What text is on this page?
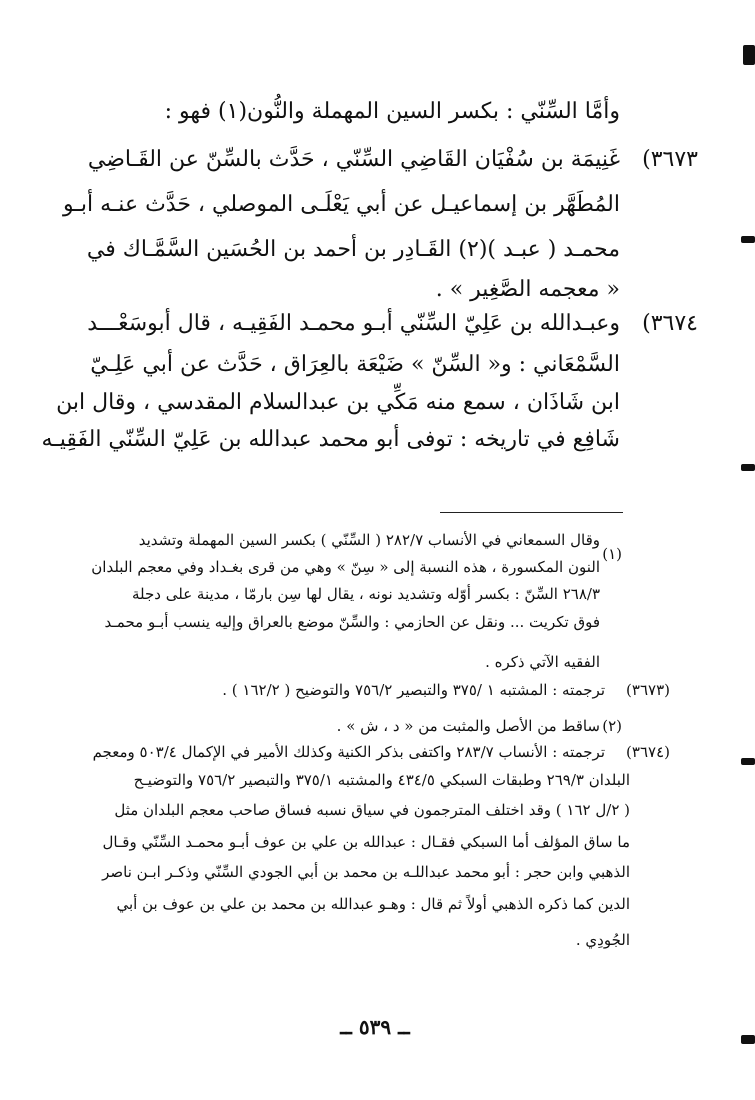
وأمَّا السِّنّي : بكسر السين المهملة والنُّون(١) فهو :
(٣٦٧٣
غَنِيمَة بن سُفْيَان القَاضِي السِّنّي ، حَدَّث بالسِّنّ عن القَـاضِي
المُطَهَّر بن إسماعيـل عن أبي يَعْلَـى الموصلي ، حَدَّث عنـه أبـو
محمـد ( عبـد )(٢) القَـادِر بن أحمد بن الحُسَين السَّمَّـاك في
« معجمه الصَّغِير » .
(٣٦٧٤
وعبـدالله بن عَلِيّ السِّنّي أبـو محمـد الفَقِيـه ، قال أبوسَعْـــد
السَّمْعَاني : و« السِّنّ » ضَيْعَة بالعِرَاق ، حَدَّث عن أبي عَلِـيّ
ابن شَاذَان ، سمع منه مَكِّي بن عبدالسلام المقدسي ، وقال ابن
شَافِع في تاريخه : توفى أبو محمد عبدالله بن عَلِيّ السِّنّي الفَقِيـه
(١)
وقال السمعاني في الأنساب ٢٨٢/٧ ( السِّنّي ) بكسر السين المهملة وتشديد
النون المكسورة ، هذه النسبة إلى « سِنّ » وهي من قرى بغـداد وفي معجم البلدان
٢٦٨/٣ السِّنّ : بكسر أوّله وتشديد نونه ، يقال لها سِن بارمّا ، مدينة على دجلة
فوق تكريت ... ونقل عن الحازمي : والسِّنّ موضع بالعراق وإليه ينسب أبـو محمـد
الفقيه الآتي ذكره .
(٣٦٧٣)
ترجمته : المشتبه ١ /٣٧٥ والتبصير ٧٥٦/٢ والتوضيح ( ١٦٢/٢ ) .
(٢)
ساقط من الأصل والمثبت من « د ، ش » .
(٣٦٧٤)
ترجمته : الأنساب ٢٨٣/٧ واكتفى بذكر الكنية وكذلك الأمير في الإكمال ٥٠٣/٤ ومعجم
البلدان ٢٦٩/٣ وطبقات السبكي ٤٣٤/٥ والمشتبه ٣٧٥/١ والتبصير ٧٥٦/٢ والتوضيـح
( ٢/ل ١٦٢ ) وقد اختلف المترجمون في سياق نسبه فساق صاحب معجم البلدان مثل
ما ساق المؤلف أما السبكي فقـال : عبدالله بن علي بن عوف أبـو محمـد السِّنّي وقـال
الذهبي وابن حجر : أبو محمد عبداللـه بن محمد بن أبي الجودي السِّنّي وذكـر ابـن ناصر
الدين كما ذكره الذهبي أولاً ثم قال : وهـو عبدالله بن محمد بن علي بن عوف بن أبي
الجُودِي .
ــ ٥٣٩ ــ
